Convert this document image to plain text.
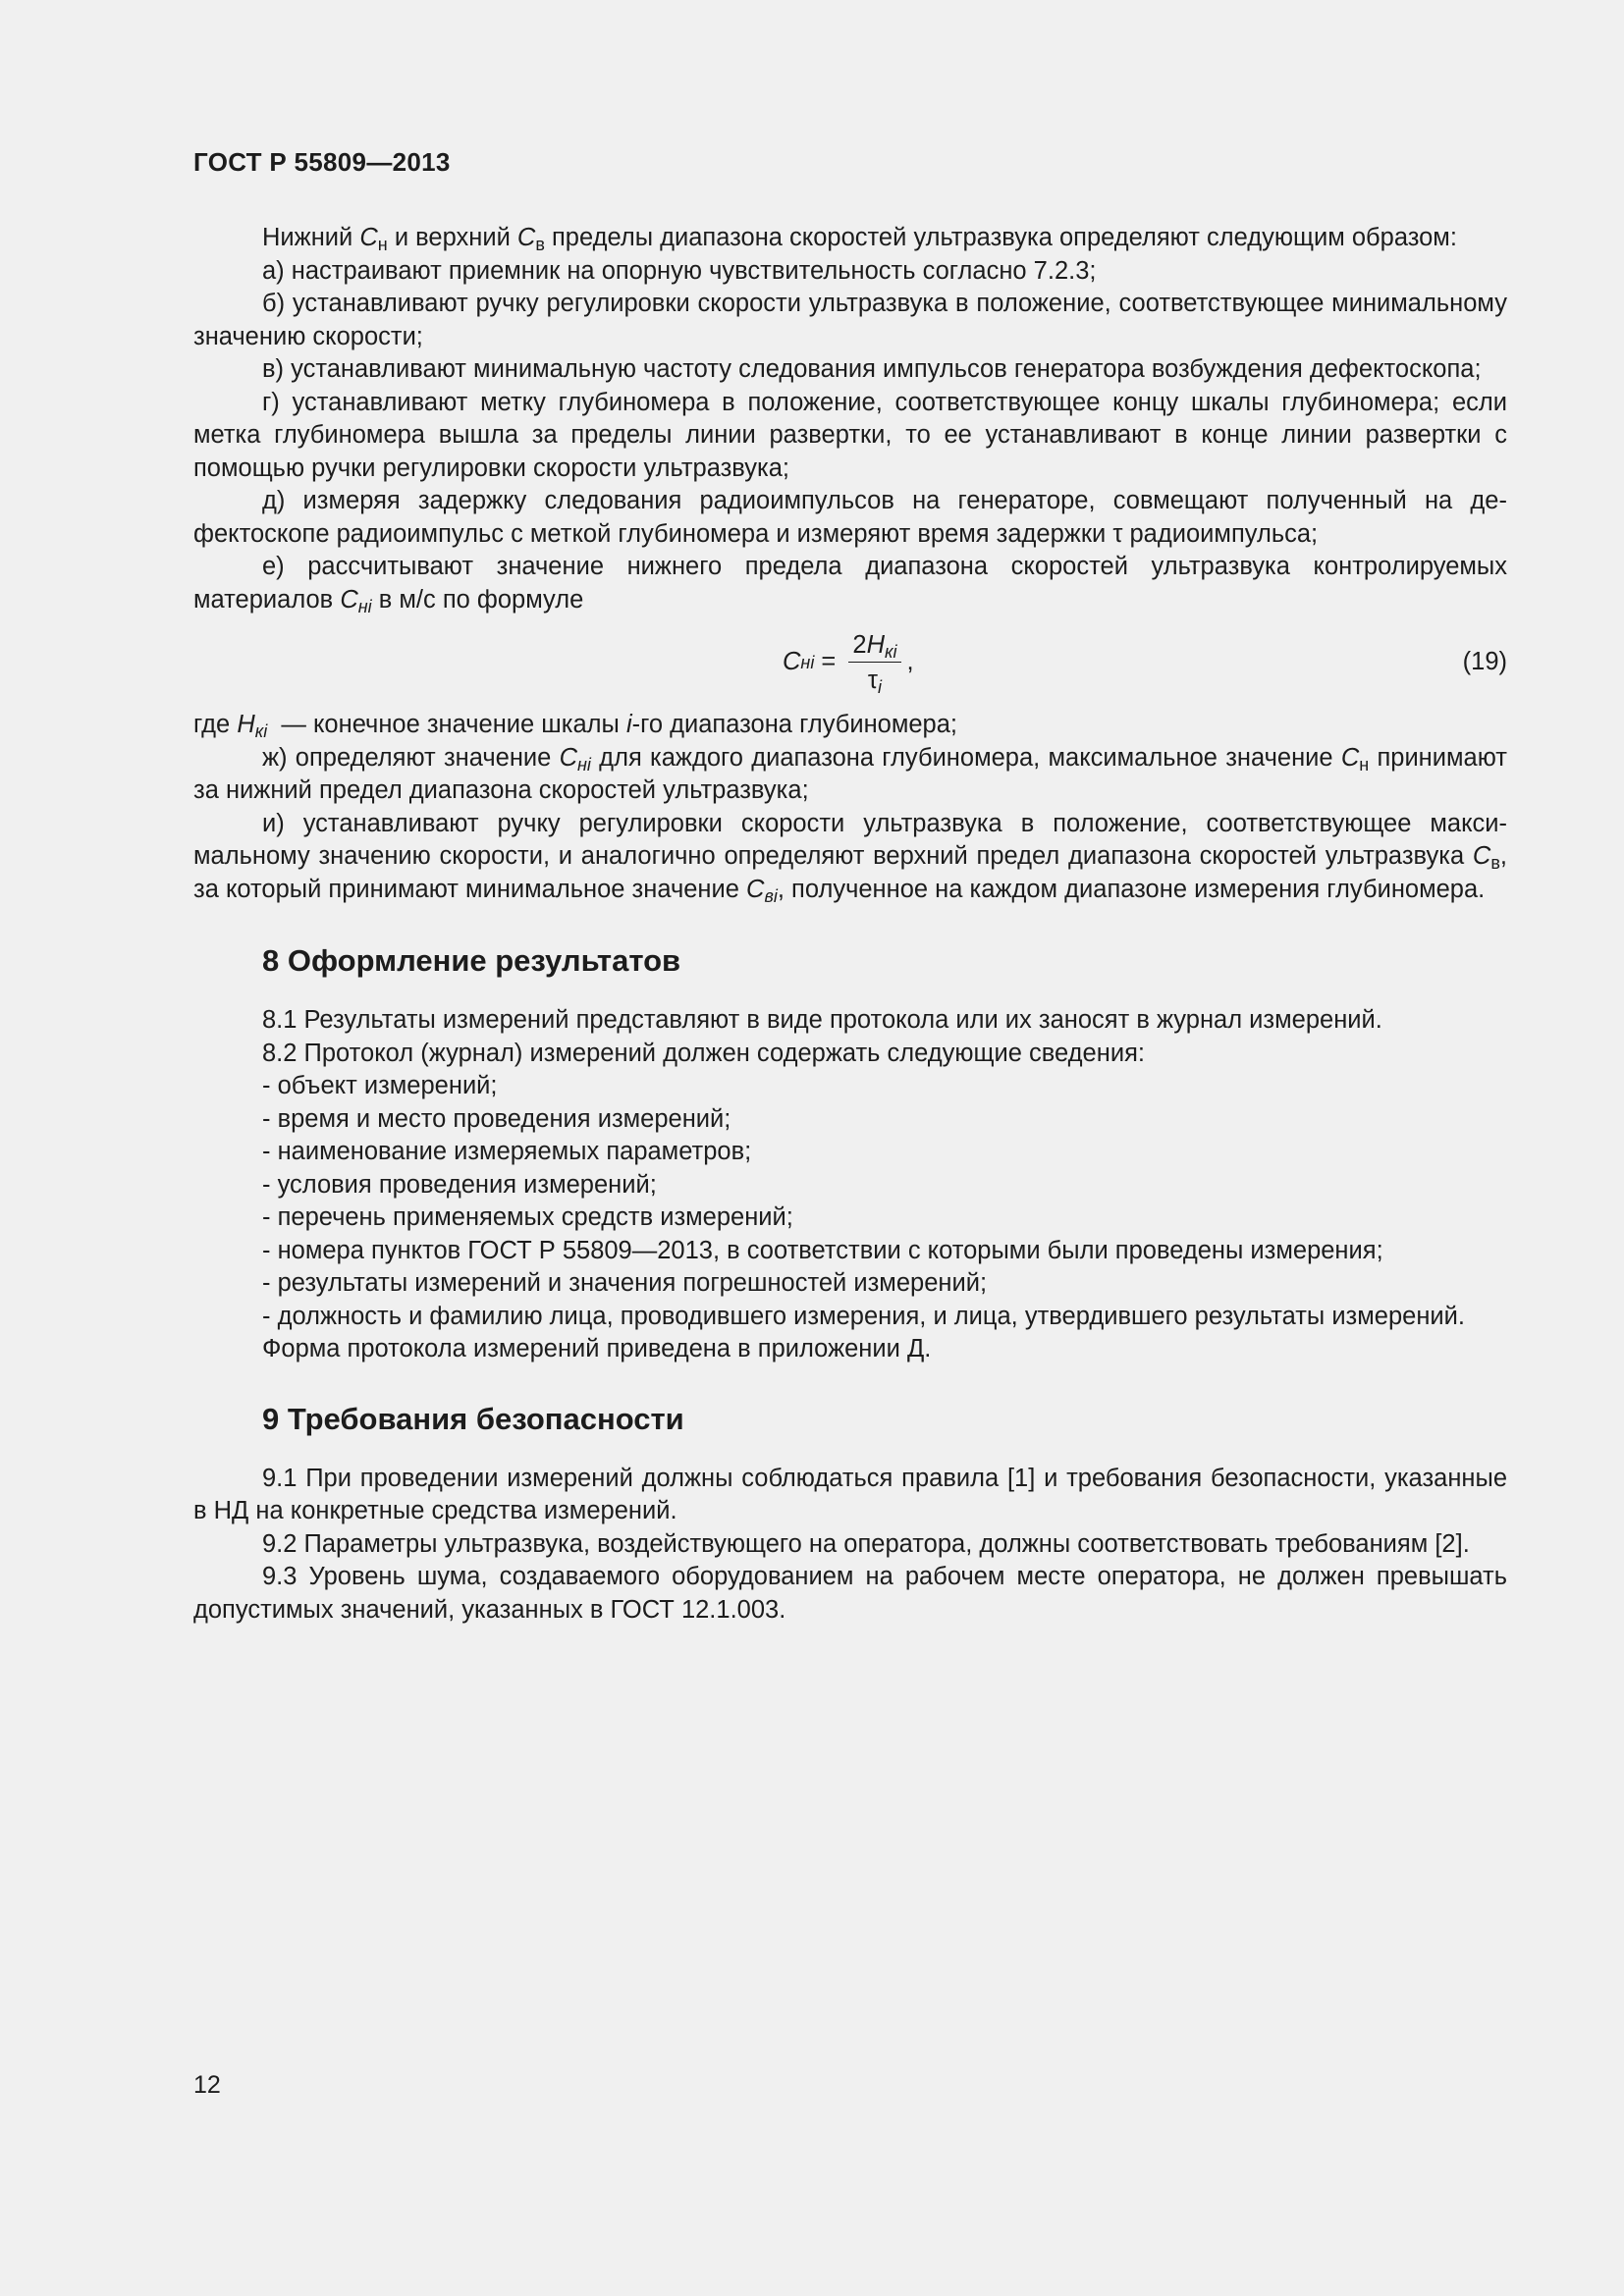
ГОСТ Р 55809—2013

Нижний $C_н$ и верхний $C_в$ пределы диапазона скоростей ультразвука определяют следующим образом:

а) настраивают приемник на опорную чувствительность согласно 7.2.3;

б) устанавливают ручку регулировки скорости ультразвука в положение, соответствующее минимальному значению скорости;

в) устанавливают минимальную частоту следования импульсов генератора возбуждения дефектоскопа;

г) устанавливают метку глубиномера в положение, соответствующее концу шкалы глубиномера; если метка глубиномера вышла за пределы линии развертки, то ее устанавливают в конце линии развертки с помощью ручки регулировки скорости ультразвука;

д) измеряя задержку следования радиоимпульсов на генераторе, совмещают полученный на дефектоскопе радиоимпульс с меткой глубиномера и измеряют время задержки τ радиоимпульса;

е) рассчитывают значение нижнего предела диапазона скоростей ультразвука контролируемых материалов $C_{нi}$ в м/с по формуле

C нi = $\frac{2H_{кi}}{\tau_i}$ ,	(19)

где $H_{кi}$  — конечное значение шкалы i-го диапазона глубиномера;

ж) определяют значение $C_{нi}$ для каждого диапазона глубиномера, максимальное значение $C_н$ принимают за нижний предел диапазона скоростей ультразвука;

и) устанавливают ручку регулировки скорости ультразвука в положение, соответствующее максимальному значению скорости, и аналогично определяют верхний предел диапазона скоростей ультразвука $C_в$, за который принимают минимальное значение $C_{вi}$, полученное на каждом диапазоне измерения глубиномера.

8 Оформление результатов

8.1 Результаты измерений представляют в виде протокола или их заносят в журнал измерений.

8.2 Протокол (журнал) измерений должен содержать следующие сведения:

- объект измерений;

- время и место проведения измерений;

- наименование измеряемых параметров;

- условия проведения измерений;

- перечень применяемых средств измерений;

- номера пунктов ГОСТ Р 55809—2013, в соответствии с которыми были проведены измерения;

- результаты измерений и значения погрешностей измерений;

- должность и фамилию лица, проводившего измерения, и лица, утвердившего результаты измерений.

Форма протокола измерений приведена в приложении Д.

9 Требования безопасности

9.1 При проведении измерений должны соблюдаться правила [1] и требования безопасности, указанные в НД на конкретные средства измерений.

9.2 Параметры ультразвука, воздействующего на оператора, должны соответствовать требованиям [2].

9.3 Уровень шума, создаваемого оборудованием на рабочем месте оператора, не должен превышать допустимых значений, указанных в ГОСТ 12.1.003.

12
